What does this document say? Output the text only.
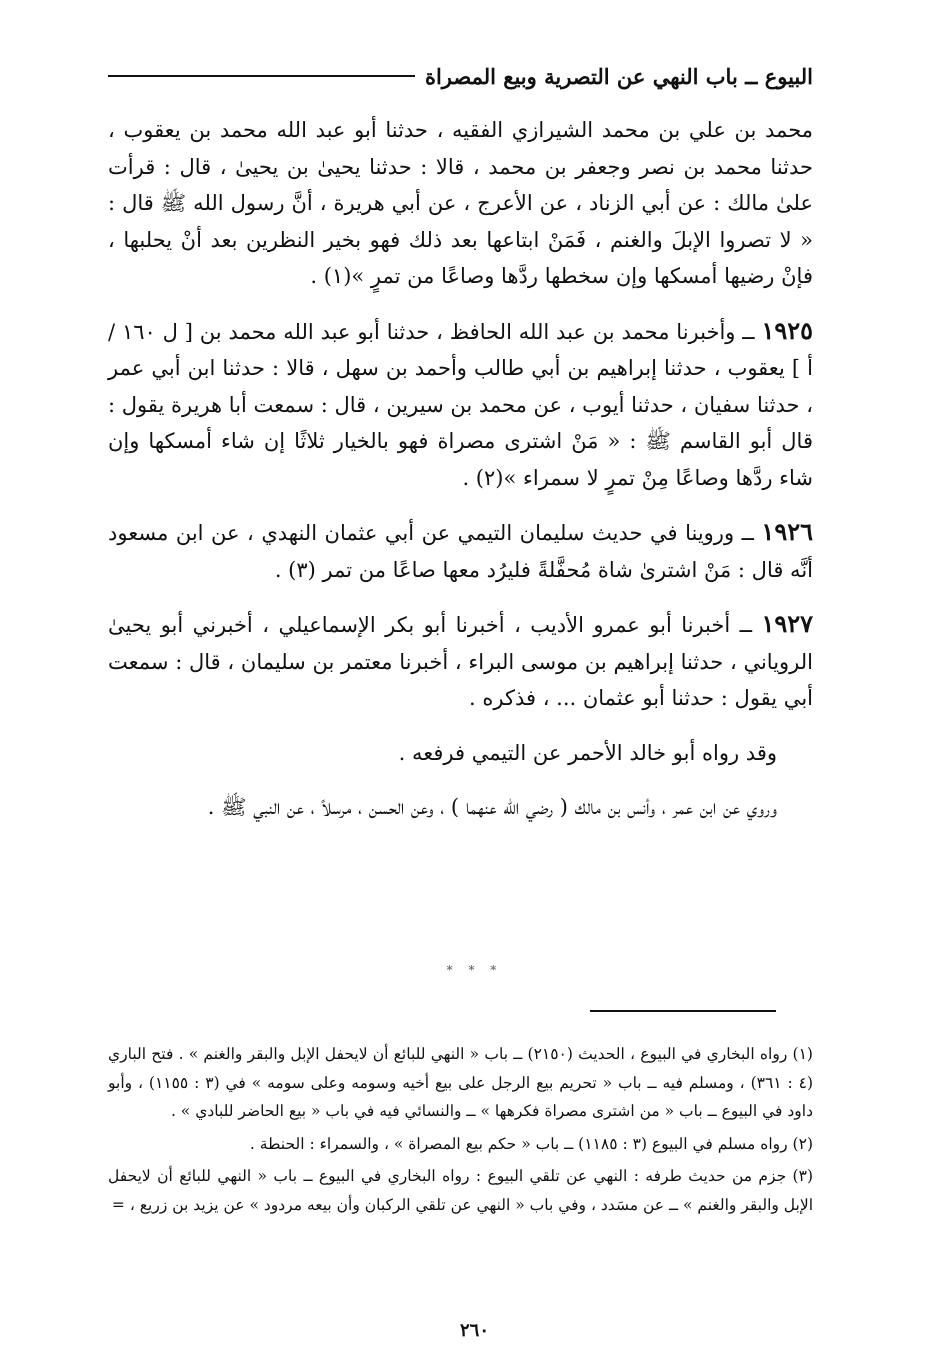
البيوع ــ باب النهي عن التصرية وبيع المصراة

محمد بن علي بن محمد الشيرازي الفقيه ، حدثنا أبو عبد الله محمد بن يعقوب ، حدثنا محمد بن نصر وجعفر بن محمد ، قالا : حدثنا يحيىٰ بن يحيىٰ ، قال : قرأت علىٰ مالك : عن أبي الزناد ، عن الأعرج ، عن أبي هريرة ، أنَّ رسول الله ﷺ قال : « لا تصروا الإبلَ والغنم ، فَمَنْ ابتاعها بعد ذلك فهو بخير النظرين بعد أنْ يحلبها ، فإنْ رضيها أمسكها وإن سخطها ردَّها وصاعًا من تمرٍ »(١) .

١٩٢٥ ــ وأخبرنا محمد بن عبد الله الحافظ ، حدثنا أبو عبد الله محمد بن [ ل ١٦٠ / أ ] يعقوب ، حدثنا إبراهيم بن أبي طالب وأحمد بن سهل ، قالا : حدثنا ابن أبي عمر ، حدثنا سفيان ، حدثنا أيوب ، عن محمد بن سيرين ، قال : سمعت أبا هريرة يقول : قال أبو القاسم ﷺ : « مَنْ اشترى مصراة فهو بالخيار ثلاثًا إن شاء أمسكها وإن شاء ردَّها وصاعًا مِنْ تمرٍ لا سمراء »(٢) .

١٩٢٦ ــ وروينا في حديث سليمان التيمي عن أبي عثمان النهدي ، عن ابن مسعود أنَّه قال : مَنْ اشترىٰ شاة مُحفَّلةً فليرُد معها صاعًا من تمر (٣) .

١٩٢٧ ــ أخبرنا أبو عمرو الأديب ، أخبرنا أبو بكر الإسماعيلي ، أخبرني أبو يحيىٰ الروياني ، حدثنا إبراهيم بن موسى البراء ، أخبرنا معتمر بن سليمان ، قال : سمعت أبي يقول : حدثنا أبو عثمان ... ، فذكره .

وقد رواه أبو خالد الأحمر عن التيمي فرفعه .

وروي عن ابن عمر ، وأنس بن مالك ( رضي الله عنهما ) ، وعن الحسن ، مرسلاً ، عن النبي ﷺ .

* * *

(١) رواه البخاري في البيوع ، الحديث (٢١٥٠) ــ باب « النهي للبائع أن لايحفل الإبل والبقر والغنم » . فتح الباري (٤ : ٣٦١) ، ومسلم فيه ــ باب « تحريم بيع الرجل على بيع أخيه وسومه وعلى سومه » في (٣ : ١١٥٥) ، وأبو داود في البيوع ــ باب « من اشترى مصراة فكرهها » ــ والنسائي فيه في باب « بيع الحاضر للبادي » .

(٢) رواه مسلم في البيوع (٣ : ١١٨٥) ــ باب « حكم بيع المصراة » ، والسمراء : الحنطة .

(٣) جزم من حديث طرفه : النهي عن تلقي البيوع : رواه البخاري في البيوع ــ باب « النهي للبائع أن لايحفل الإبل والبقر والغنم » ــ عن مسَدد ، وفي باب « النهي عن تلقي الركبان وأن بيعه مردود » عن يزيد بن زريع ، =

٢٦٠
